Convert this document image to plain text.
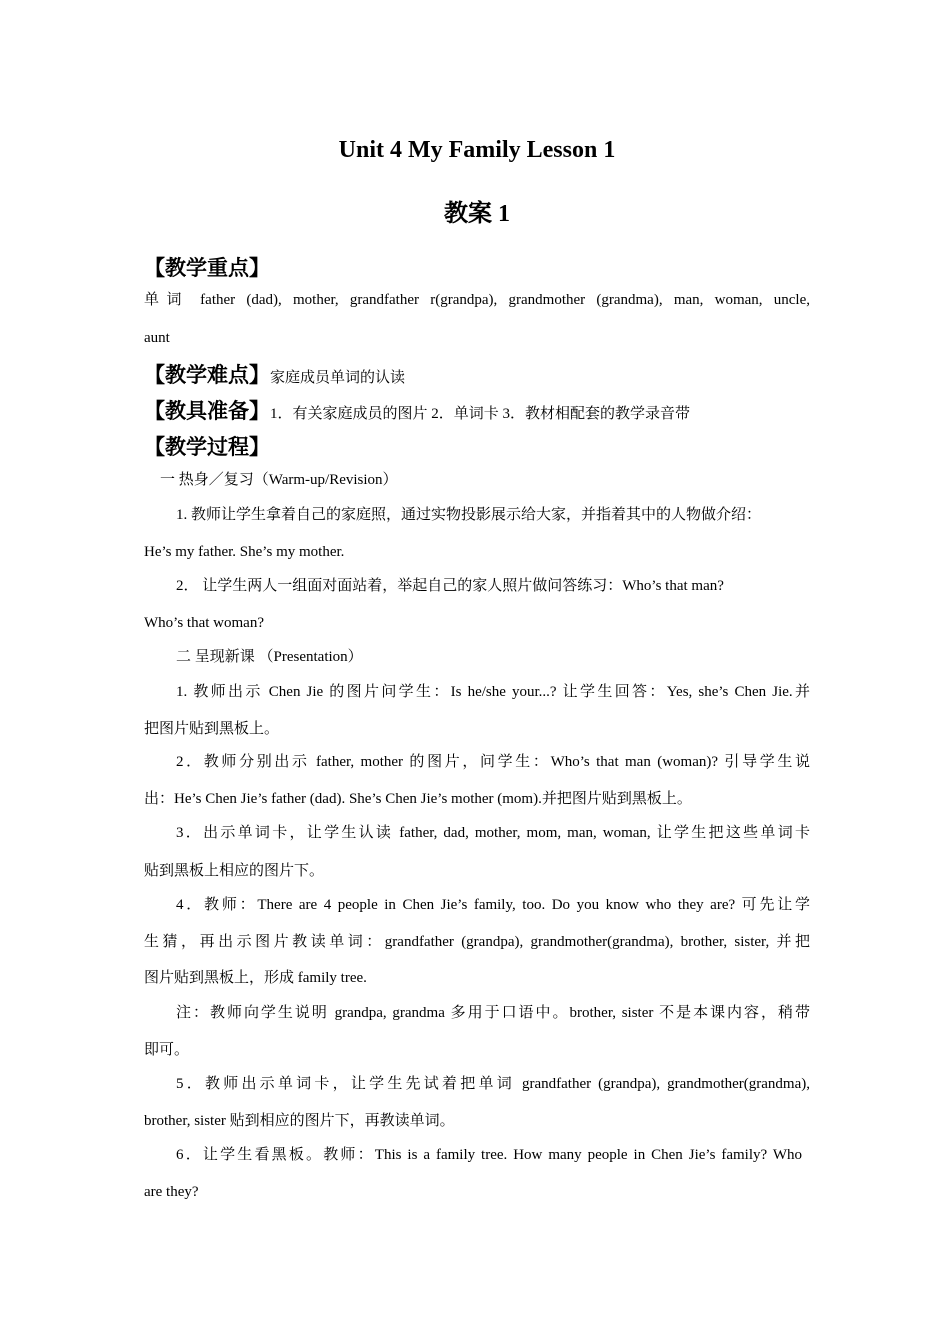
Unit 4 My Family Lesson 1
教案 1
【教学重点】
单词 father (dad), mother, grandfather r(grandpa), grandmother (grandma), man, woman, uncle,
aunt
【教学难点】家庭成员单词的认读
【教具准备】1．有关家庭成员的图片 2．单词卡 3．教材相配套的教学录音带
【教学过程】
一 热身／复习（Warm-up/Revision）
1. 教师让学生拿着自己的家庭照，通过实物投影展示给大家，并指着其中的人物做介绍：
He’s my father. She’s my mother.
2． 让学生两人一组面对面站着，举起自己的家人照片做问答练习：Who’s that man?
Who’s that woman?
二 呈现新课 （Presentation）
1. 教师出示 Chen Jie 的图片问学生：Is he/she your...? 让学生回答：Yes, she’s Chen Jie.并
把图片贴到黑板上。
2．教师分别出示 father, mother 的图片，问学生：Who’s that man (woman)? 引导学生说
出：He’s Chen Jie’s father (dad). She’s Chen Jie’s mother (mom).并把图片贴到黑板上。
3．出示单词卡，让学生认读 father, dad, mother, mom, man, woman, 让学生把这些单词卡
贴到黑板上相应的图片下。
4．教师：There are 4 people in Chen Jie’s family, too. Do you know who they are? 可先让学
生猜，再出示图片教读单词：grandfather (grandpa), grandmother(grandma), brother, sister, 并把
图片贴到黑板上，形成 family tree.
注：教师向学生说明 grandpa, grandma 多用于口语中。brother, sister 不是本课内容，稍带
即可。
5．教师出示单词卡，让学生先试着把单词 grandfather (grandpa), grandmother(grandma),
brother, sister 贴到相应的图片下，再教读单词。
6．让学生看黑板。教师：This is a family tree. How many people in Chen Jie’s family? Who
are they?
